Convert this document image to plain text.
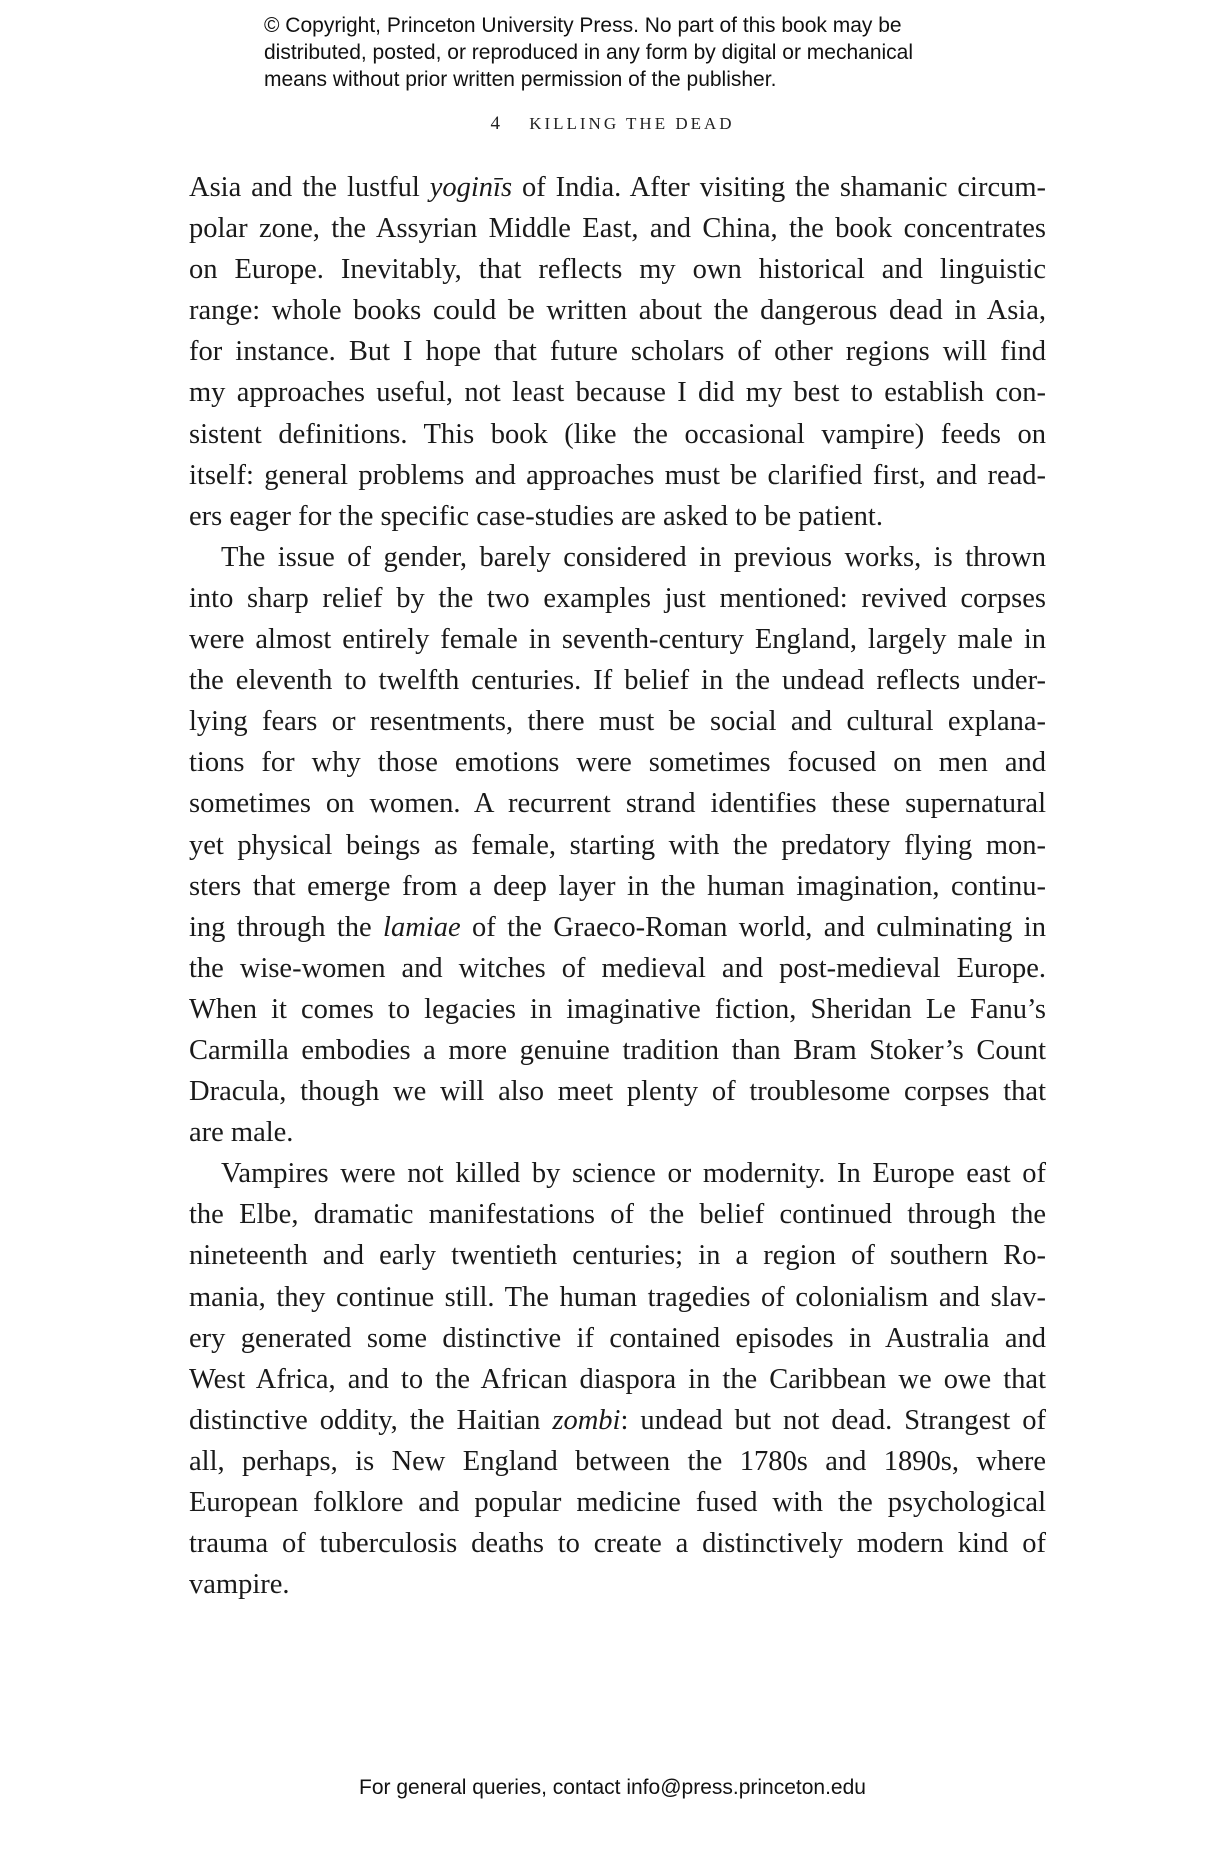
© Copyright, Princeton University Press. No part of this book may be
distributed, posted, or reproduced in any form by digital or mechanical
means without prior written permission of the publisher.
4 KILLING THE DEAD
Asia and the lustful yoginīs of India. After visiting the shamanic circum-
polar zone, the Assyrian Middle East, and China, the book concentrates
on Europe. Inevitably, that reflects my own historical and linguistic
range: whole books could be written about the dangerous dead in Asia,
for instance. But I hope that future scholars of other regions will find
my approaches useful, not least because I did my best to establish con-
sistent definitions. This book (like the occasional vampire) feeds on
itself: general problems and approaches must be clarified first, and read-
ers eager for the specific case-studies are asked to be patient.
The issue of gender, barely considered in previous works, is thrown
into sharp relief by the two examples just mentioned: revived corpses
were almost entirely female in seventh-century England, largely male in
the eleventh to twelfth centuries. If belief in the undead reflects under-
lying fears or resentments, there must be social and cultural explana-
tions for why those emotions were sometimes focused on men and
sometimes on women. A recurrent strand identifies these supernatural
yet physical beings as female, starting with the predatory flying mon-
sters that emerge from a deep layer in the human imagination, continu-
ing through the lamiae of the Graeco-Roman world, and culminating in
the wise-women and witches of medieval and post-medieval Europe.
When it comes to legacies in imaginative fiction, Sheridan Le Fanu’s
Carmilla embodies a more genuine tradition than Bram Stoker’s Count
Dracula, though we will also meet plenty of troublesome corpses that
are male.
Vampires were not killed by science or modernity. In Europe east of
the Elbe, dramatic manifestations of the belief continued through the
nineteenth and early twentieth centuries; in a region of southern Ro-
mania, they continue still. The human tragedies of colonialism and slav-
ery generated some distinctive if contained episodes in Australia and
West Africa, and to the African diaspora in the Caribbean we owe that
distinctive oddity, the Haitian zombi: undead but not dead. Strangest of
all, perhaps, is New England between the 1780s and 1890s, where
European folklore and popular medicine fused with the psychological
trauma of tuberculosis deaths to create a distinctively modern kind of
vampire.
For general queries, contact info@press.princeton.edu
